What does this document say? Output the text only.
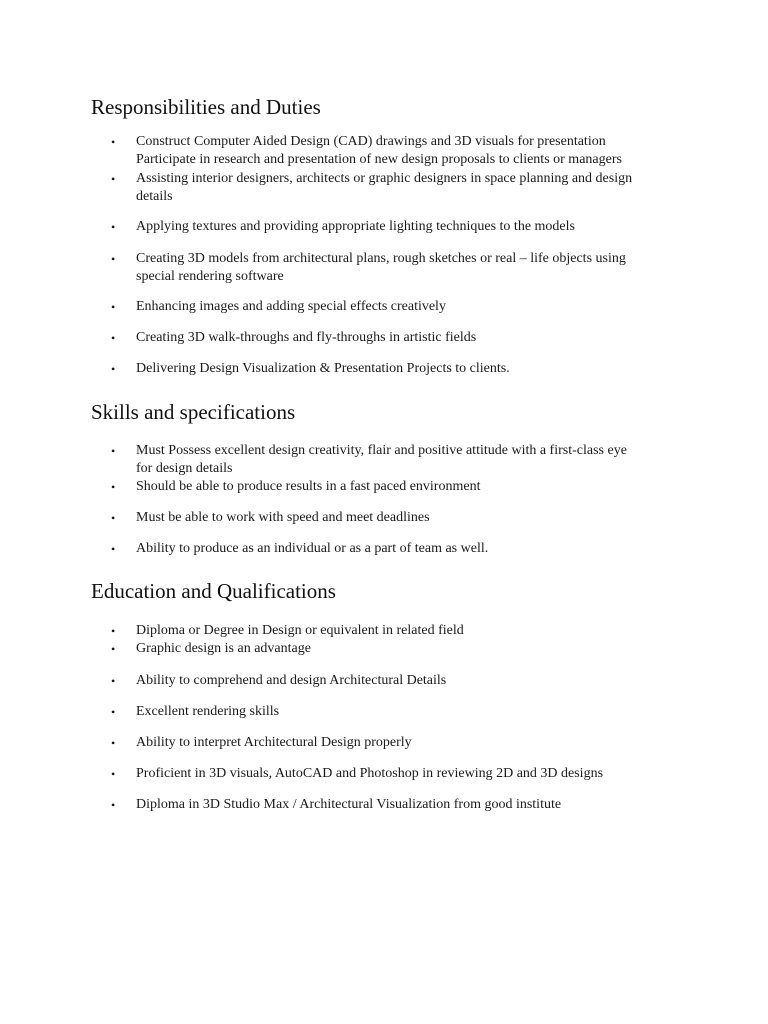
Responsibilities and Duties
•	Construct Computer Aided Design (CAD) drawings and 3D visuals for presentation
Participate in research and presentation of new design proposals to clients or managers
•	Assisting interior designers, architects or graphic designers in space planning and design
details
•	Applying textures and providing appropriate lighting techniques to the models
•	Creating 3D models from architectural plans, rough sketches or real – life objects using
special rendering software
•	Enhancing images and adding special effects creatively
•	Creating 3D walk-throughs and fly-throughs in artistic fields
•	Delivering Design Visualization & Presentation Projects to clients.
Skills and specifications
•	Must Possess excellent design creativity, flair and positive attitude with a first-class eye
for design details
•	Should be able to produce results in a fast paced environment
•	Must be able to work with speed and meet deadlines
•	Ability to produce as an individual or as a part of team as well.
Education and Qualifications
•	Diploma or Degree in Design or equivalent in related field
•	Graphic design is an advantage
•	Ability to comprehend and design Architectural Details
•	Excellent rendering skills
•	Ability to interpret Architectural Design properly
•	Proficient in 3D visuals, AutoCAD and Photoshop in reviewing 2D and 3D designs
•	Diploma in 3D Studio Max / Architectural Visualization from good institute
